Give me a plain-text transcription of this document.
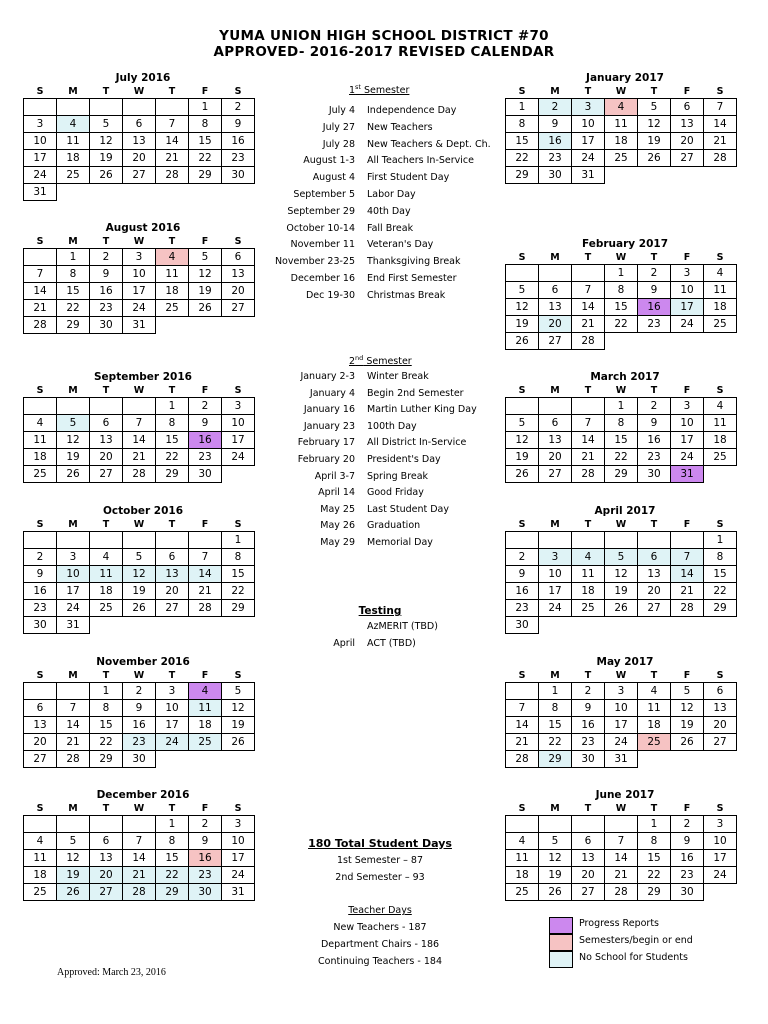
YUMA UNION HIGH SCHOOL DISTRICT #70
APPROVED- 2016-2017 REVISED CALENDAR
July 2016
S	M	T	W	T	F	S
					1	2
3	4	5	6	7	8	9
10	11	12	13	14	15	16
17	18	19	20	21	22	23
24	25	26	27	28	29	30
31						
August 2016
S	M	T	W	T	F	S
	1	2	3	4	5	6
7	8	9	10	11	12	13
14	15	16	17	18	19	20
21	22	23	24	25	26	27
28	29	30	31			
September 2016
S	M	T	W	T	F	S
				1	2	3
4	5	6	7	8	9	10
11	12	13	14	15	16	17
18	19	20	21	22	23	24
25	26	27	28	29	30	
October 2016
S	M	T	W	T	F	S
						1
2	3	4	5	6	7	8
9	10	11	12	13	14	15
16	17	18	19	20	21	22
23	24	25	26	27	28	29
30	31					
November 2016
S	M	T	W	T	F	S
		1	2	3	4	5
6	7	8	9	10	11	12
13	14	15	16	17	18	19
20	21	22	23	24	25	26
27	28	29	30			
December 2016
S	M	T	W	T	F	S
				1	2	3
4	5	6	7	8	9	10
11	12	13	14	15	16	17
18	19	20	21	22	23	24
25	26	27	28	29	30	31
January 2017
S	M	T	W	T	F	S
1	2	3	4	5	6	7
8	9	10	11	12	13	14
15	16	17	18	19	20	21
22	23	24	25	26	27	28
29	30	31				
February 2017
S	M	T	W	T	F	S
			1	2	3	4
5	6	7	8	9	10	11
12	13	14	15	16	17	18
19	20	21	22	23	24	25
26	27	28				
March 2017
S	M	T	W	T	F	S
			1	2	3	4
5	6	7	8	9	10	11
12	13	14	15	16	17	18
19	20	21	22	23	24	25
26	27	28	29	30	31	
April 2017
S	M	T	W	T	F	S
						1
2	3	4	5	6	7	8
9	10	11	12	13	14	15
16	17	18	19	20	21	22
23	24	25	26	27	28	29
30						
May 2017
S	M	T	W	T	F	S
	1	2	3	4	5	6
7	8	9	10	11	12	13
14	15	16	17	18	19	20
21	22	23	24	25	26	27
28	29	30	31			
June 2017
S	M	T	W	T	F	S
				1	2	3
4	5	6	7	8	9	10
11	12	13	14	15	16	17
18	19	20	21	22	23	24
25	26	27	28	29	30	
1st Semester
July 4 Independence Day
July 27 New Teachers
July 28 New Teachers & Dept. Ch.
August 1-3 All Teachers In-Service
August 4 First Student Day
September 5 Labor Day
September 29 40th Day
October 10-14 Fall Break
November 11 Veteran's Day
November 23-25 Thanksgiving Break
December 16 End First Semester
Dec 19-30 Christmas Break
2nd Semester
January 2-3 Winter Break
January 4 Begin 2nd Semester
January 16 Martin Luther King Day
January 23 100th Day
February 17 All District In-Service
February 20 President's Day
April 3-7 Spring Break
April 14 Good Friday
May 25 Last Student Day
May 26 Graduation
May 29 Memorial Day
Testing
AzMERIT (TBD)
April ACT (TBD)
180 Total Student Days
1st Semester – 87
2nd Semester – 93
Teacher Days
New Teachers - 187
Department Chairs - 186
Continuing Teachers - 184
Progress Reports
Semesters/begin or end
No School for Students
Approved: March 23, 2016
